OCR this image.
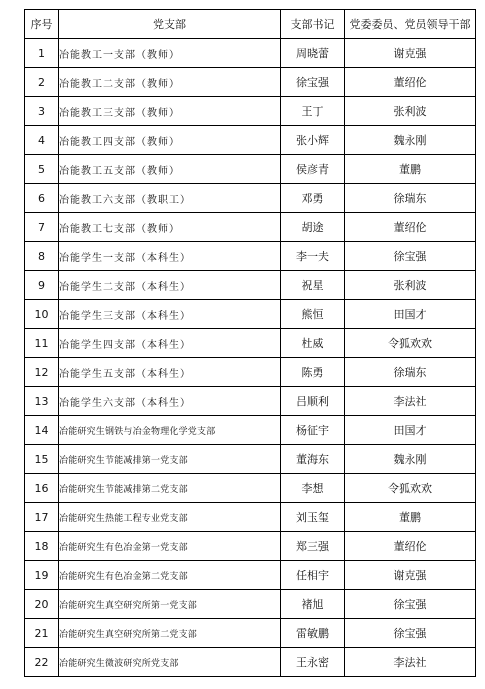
序号	党支部	支部书记	党委委员、党员领导干部
1	冶能教工一支部（教师）	周晓蕾	谢克强
2	冶能教工二支部（教师）	徐宝强	董绍伦
3	冶能教工三支部（教师）	王丁	张利波
4	冶能教工四支部（教师）	张小辉	魏永刚
5	冶能教工五支部（教师）	侯彦青	董鹏
6	冶能教工六支部（教职工）	邓勇	徐瑞东
7	冶能教工七支部（教师）	胡途	董绍伦
8	冶能学生一支部（本科生）	李一夫	徐宝强
9	冶能学生二支部（本科生）	祝星	张利波
10	冶能学生三支部（本科生）	熊恒	田国才
11	冶能学生四支部（本科生）	杜威	令狐欢欢
12	冶能学生五支部（本科生）	陈勇	徐瑞东
13	冶能学生六支部（本科生）	吕顺利	李法社
14	冶能研究生钢铁与冶金物理化学党支部	杨征宇	田国才
15	冶能研究生节能减排第一党支部	董海东	魏永刚
16	冶能研究生节能减排第二党支部	李想	令狐欢欢
17	冶能研究生热能工程专业党支部	刘玉玺	董鹏
18	冶能研究生有色冶金第一党支部	郑三强	董绍伦
19	冶能研究生有色冶金第二党支部	任相宇	谢克强
20	冶能研究生真空研究所第一党支部	褚旭	徐宝强
21	冶能研究生真空研究所第二党支部	雷敏鹏	徐宝强
22	冶能研究生微波研究所党支部	王永密	李法社
